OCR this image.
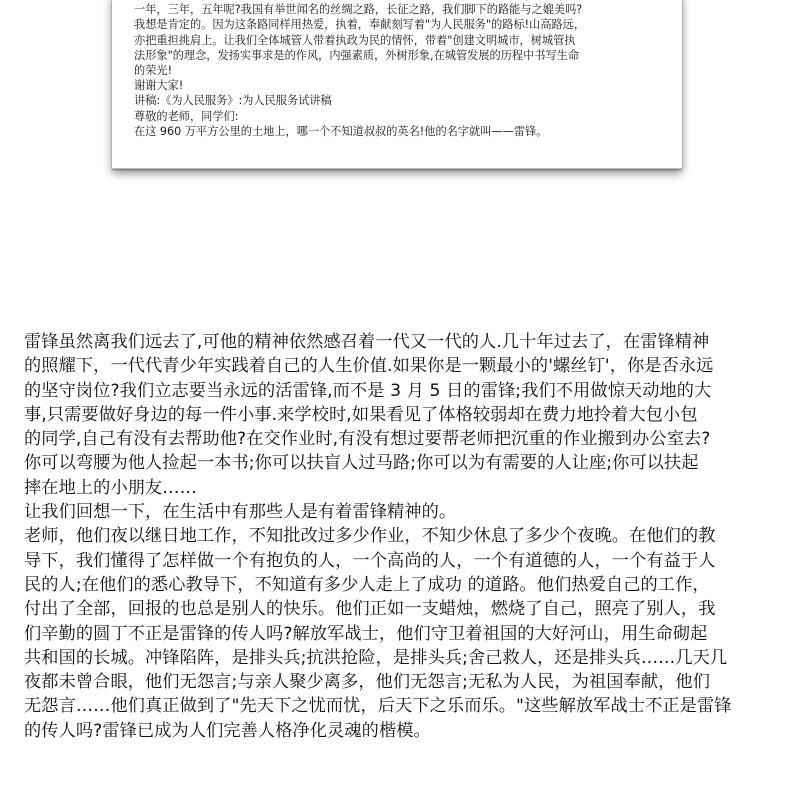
一年，三年，五年呢?我国有举世闻名的丝绸之路，长征之路，我们脚下的路能与之媲美吗?
我想是肯定的。因为这条路同样用热爱，执着，奉献刻写着"为人民服务"的路标!山高路远，
亦把重担挑肩上。让我们全体城管人带着执政为民的情怀，带着"创建文明城市，树城管执
法形象"的理念，发扬实事求是的作风，内强素质，外树形象,在城管发展的历程中书写生命
的荣光!
谢谢大家!
讲稿:《为人民服务》:为人民服务试讲稿
尊敬的老师，同学们:
在这 960 万平方公里的土地上，哪一个不知道叔叔的英名!他的名字就叫——雷锋。
雷锋虽然离我们远去了,可他的精神依然感召着一代又一代的人.几十年过去了，在雷锋精神
的照耀下，一代代青少年实践着自己的人生价值.如果你是一颗最小的'螺丝钉'，你是否永远
的坚守岗位?我们立志要当永远的活雷锋,而不是 3 月 5 日的雷锋;我们不用做惊天动地的大
事,只需要做好身边的每一件小事.来学校时,如果看见了体格较弱却在费力地拎着大包小包
的同学,自己有没有去帮助他?在交作业时,有没有想过要帮老师把沉重的作业搬到办公室去?
你可以弯腰为他人捡起一本书;你可以扶盲人过马路;你可以为有需要的人让座;你可以扶起
摔在地上的小朋友……
让我们回想一下，在生活中有那些人是有着雷锋精神的。
老师，他们夜以继日地工作，不知批改过多少作业，不知少休息了多少个夜晚。在他们的教
导下，我们懂得了怎样做一个有抱负的人，一个高尚的人，一个有道德的人，一个有益于人
民的人;在他们的悉心教导下，不知道有多少人走上了成功 的道路。他们热爱自己的工作，
付出了全部，回报的也总是别人的快乐。他们正如一支蜡烛，燃烧了自己，照亮了别人，我
们辛勤的圆丁不正是雷锋的传人吗?解放军战士，他们守卫着祖国的大好河山，用生命砌起
共和国的长城。冲锋陷阵，是排头兵;抗洪抢险，是排头兵;舍己救人，还是排头兵……几天几
夜都未曾合眼，他们无怨言;与亲人聚少离多，他们无怨言;无私为人民，为祖国奉献，他们
无怨言……他们真正做到了"先天下之忧而忧，后天下之乐而乐。"这些解放军战士不正是雷锋
的传人吗?雷锋已成为人们完善人格净化灵魂的楷模。
